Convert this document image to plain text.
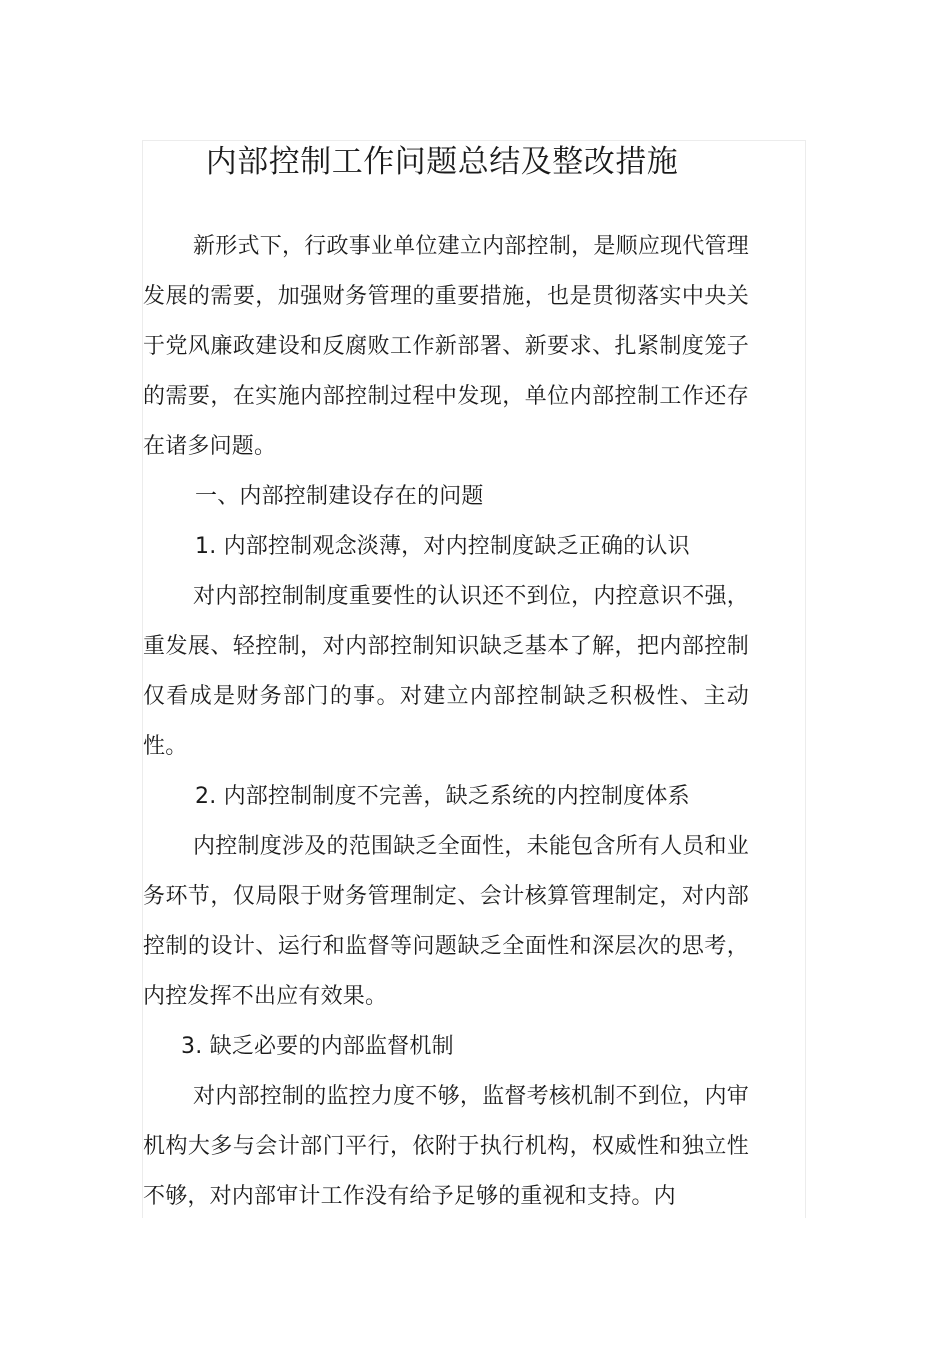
内部控制工作问题总结及整改措施

新形式下，行政事业单位建立内部控制，是顺应现代管理发展的需要，加强财务管理的重要措施，也是贯彻落实中央关于党风廉政建设和反腐败工作新部署、新要求、扎紧制度笼子的需要，在实施内部控制过程中发现，单位内部控制工作还存在诸多问题。

一、内部控制建设存在的问题

1. 内部控制观念淡薄，对内控制度缺乏正确的认识

对内部控制制度重要性的认识还不到位，内控意识不强，重发展、轻控制，对内部控制知识缺乏基本了解，把内部控制仅看成是财务部门的事。对建立内部控制缺乏积极性、主动性。

2. 内部控制制度不完善，缺乏系统的内控制度体系

内控制度涉及的范围缺乏全面性，未能包含所有人员和业务环节，仅局限于财务管理制定、会计核算管理制定，对内部控制的设计、运行和监督等问题缺乏全面性和深层次的思考，内控发挥不出应有效果。

3. 缺乏必要的内部监督机制

对内部控制的监控力度不够，监督考核机制不到位，内审机构大多与会计部门平行，依附于执行机构，权威性和独立性不够，对内部审计工作没有给予足够的重视和支持。内
